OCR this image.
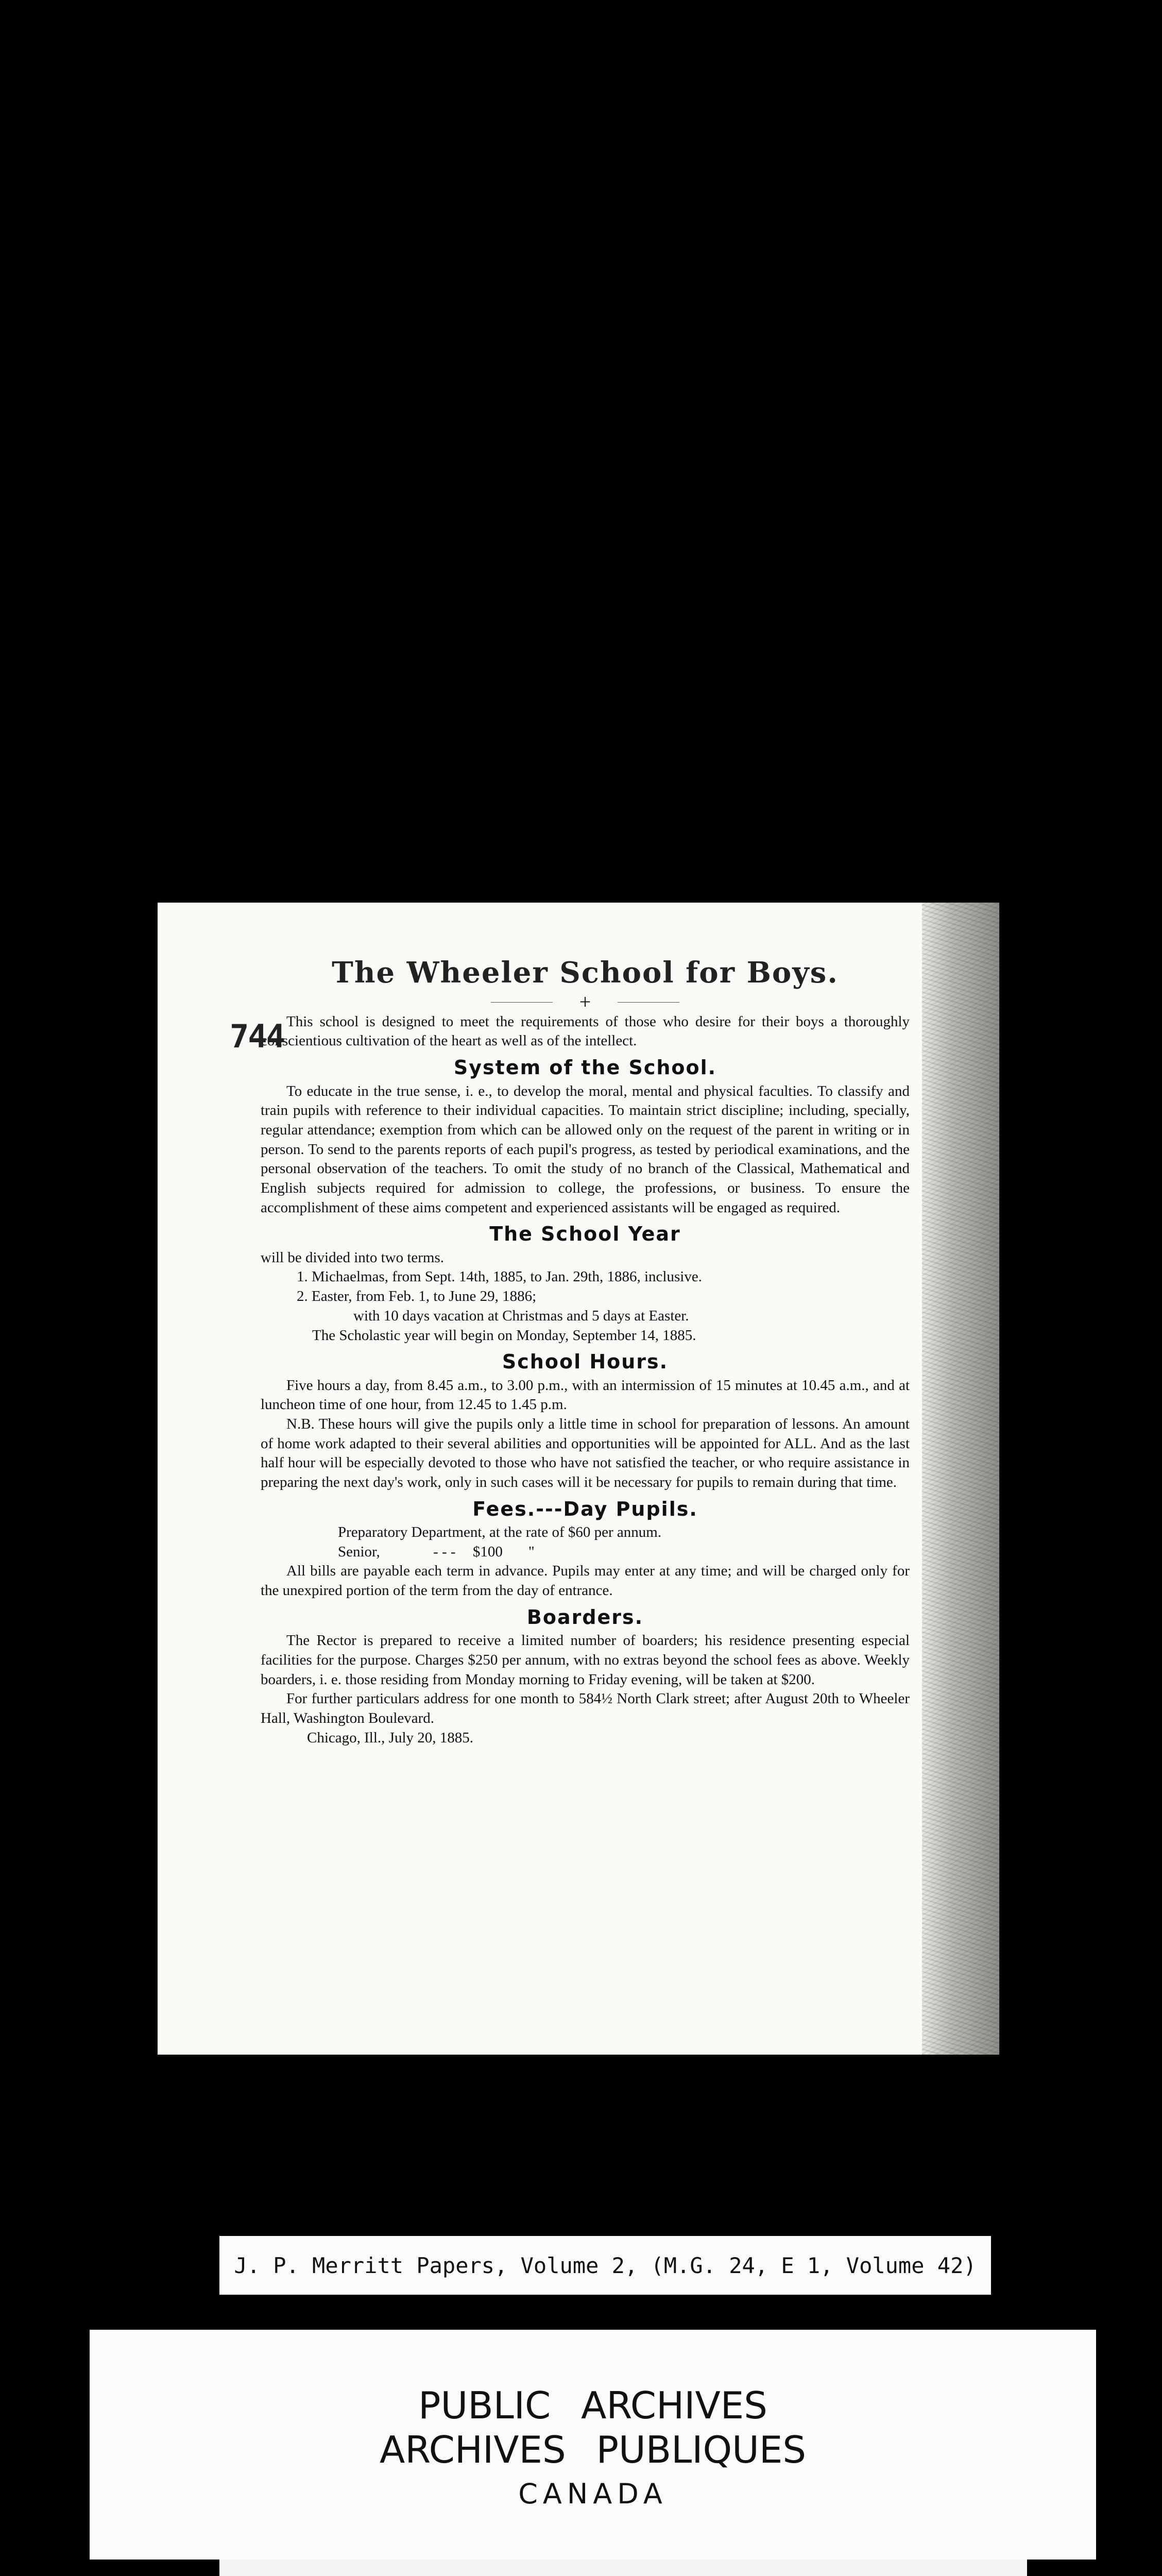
The Wheeler School for Boys.
+
744 This school is designed to meet the requirements of those who desire for their boys a thoroughly conscientious cultivation of the heart as well as of the intellect.

System of the School.

To educate in the true sense, i. e., to develop the moral, mental and physical faculties. To classify and train pupils with reference to their individual capacities. To maintain strict discipline; including, specially, regular attendance; exemption from which can be allowed only on the request of the parent in writing or in person. To send to the parents reports of each pupil's progress, as tested by periodical examinations, and the personal observation of the teachers. To omit the study of no branch of the Classical, Mathematical and English subjects required for admission to college, the professions, or business. To ensure the accomplishment of these aims competent and experienced assistants will be engaged as required.

The School Year

will be divided into two terms.

1. Michaelmas, from Sept. 14th, 1885, to Jan. 29th, 1886, inclusive.

2. Easter, from Feb. 1, to June 29, 1886;

with 10 days vacation at Christmas and 5 days at Easter.

The Scholastic year will begin on Monday, September 14, 1885.

School Hours.

Five hours a day, from 8.45 a.m., to 3.00 p.m., with an intermission of 15 minutes at 10.45 a.m., and at luncheon time of one hour, from 12.45 to 1.45 p.m.

N.B. These hours will give the pupils only a little time in school for preparation of lessons. An amount of home work adapted to their several abilities and opportunities will be appointed for ALL. And as the last half hour will be especially devoted to those who have not satisfied the teacher, or who require assistance in preparing the next day's work, only in such cases will it be necessary for pupils to remain during that time.

Fees.---Day Pupils.

Preparatory Department, at the rate of $60 per annum.

Senior,	- - -	$100 "

All bills are payable each term in advance. Pupils may enter at any time; and will be charged only for the unexpired portion of the term from the day of entrance.

Boarders.

The Rector is prepared to receive a limited number of boarders; his residence presenting especial facilities for the purpose. Charges $250 per annum, with no extras beyond the school fees as above. Weekly boarders, i. e. those residing from Monday morning to Friday evening, will be taken at $200.

For further particulars address for one month to 584½ North Clark street; after August 20th to Wheeler Hall, Washington Boulevard.

Chicago, Ill., July 20, 1885.

J. P. Merritt Papers, Volume 2, (M.G. 24, E 1, Volume 42)
PUBLIC ARCHIVES
ARCHIVES PUBLIQUES
CANADA
